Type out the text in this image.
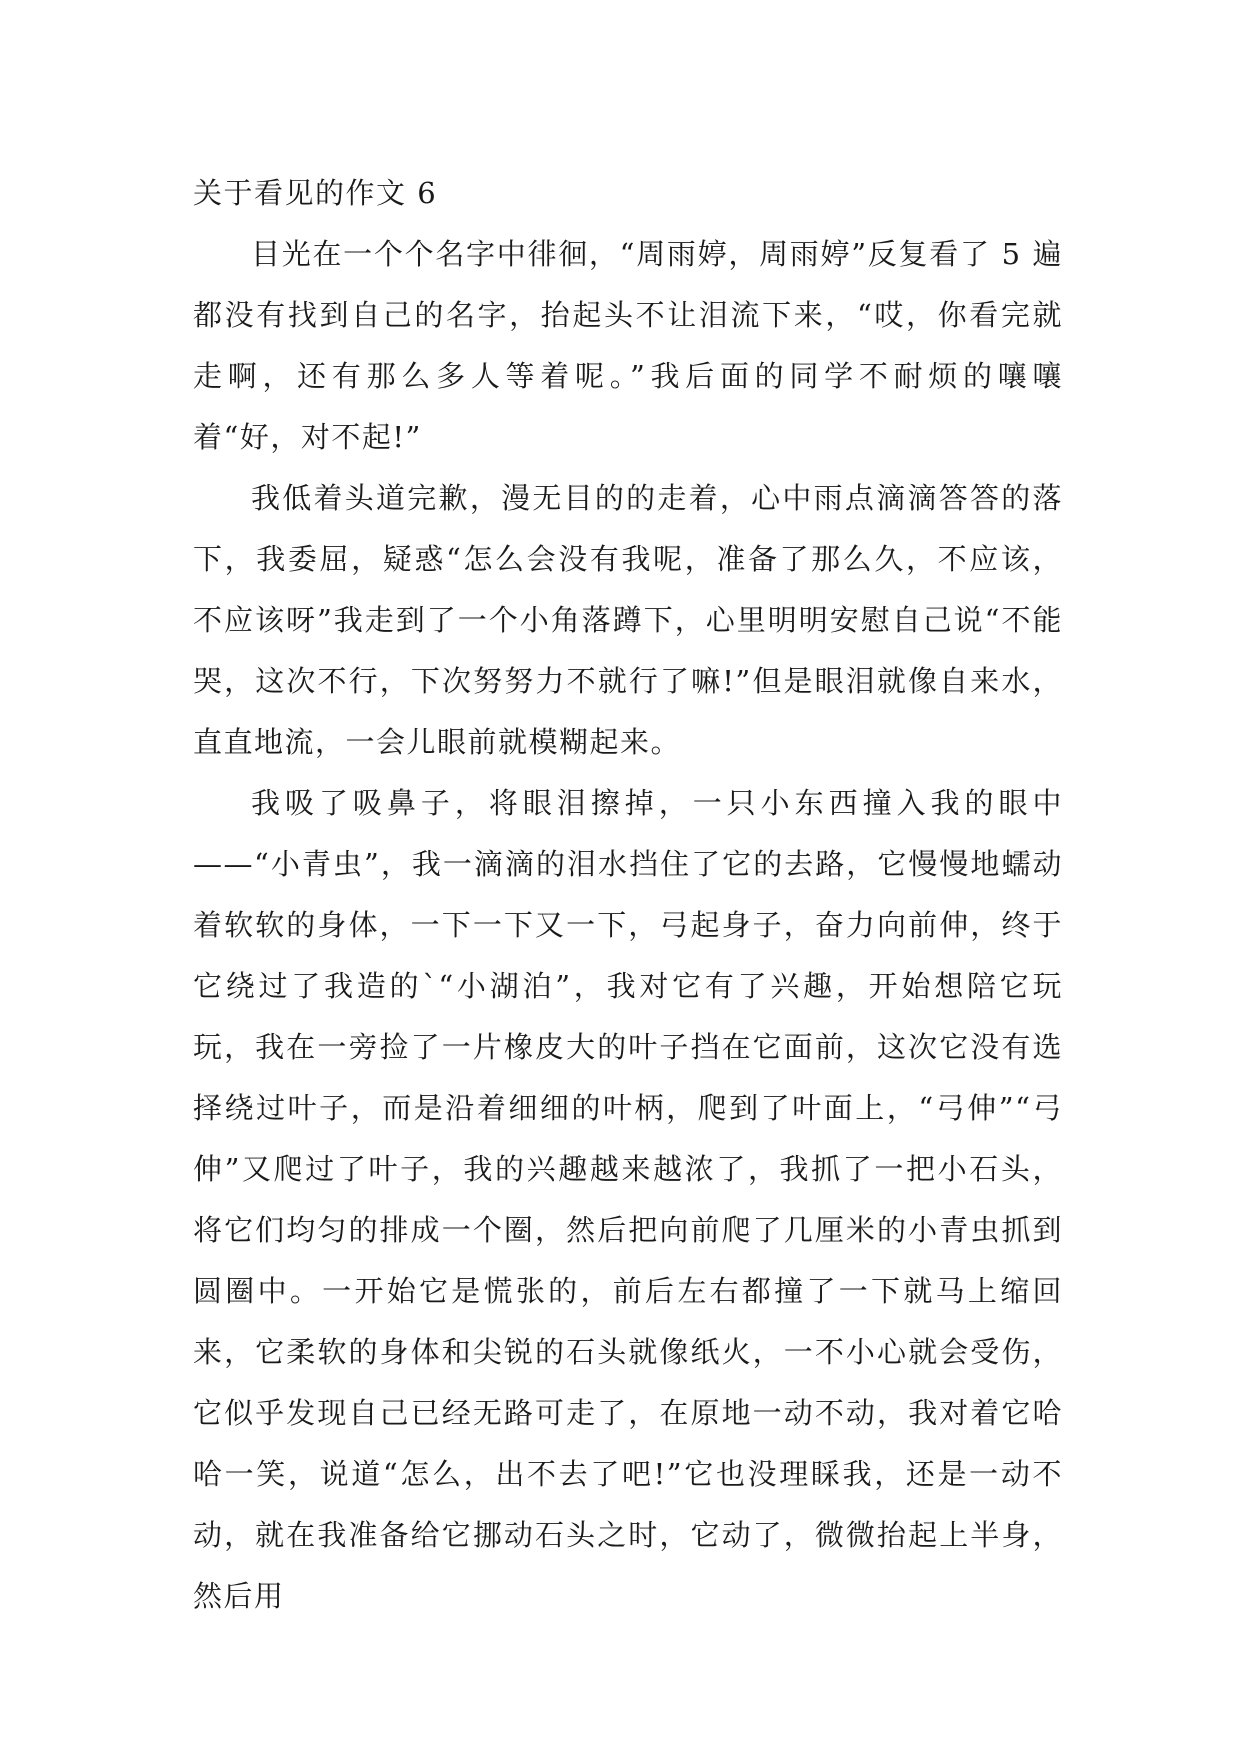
关于看见的作文 6

目光在一个个名字中徘徊，“周雨婷，周雨婷”反复看了 5 遍都没有找到自己的名字，抬起头不让泪流下来，“哎，你看完就走啊，还有那么多人等着呢。”我后面的同学不耐烦的嚷嚷着“好，对不起!”

我低着头道完歉，漫无目的的走着，心中雨点滴滴答答的落下，我委屈，疑惑“怎么会没有我呢，准备了那么久，不应该，不应该呀”我走到了一个小角落蹲下，心里明明安慰自己说“不能哭，这次不行，下次努努力不就行了嘛!”但是眼泪就像自来水，直直地流，一会儿眼前就模糊起来。

我吸了吸鼻子，将眼泪擦掉，一只小东西撞入我的眼中——“小青虫”，我一滴滴的泪水挡住了它的去路，它慢慢地蠕动着软软的身体，一下一下又一下，弓起身子，奋力向前伸，终于它绕过了我造的`“小湖泊”，我对它有了兴趣，开始想陪它玩玩，我在一旁捡了一片橡皮大的叶子挡在它面前，这次它没有选择绕过叶子，而是沿着细细的叶柄，爬到了叶面上，“弓伸”“弓伸”又爬过了叶子，我的兴趣越来越浓了，我抓了一把小石头，将它们均匀的排成一个圈，然后把向前爬了几厘米的小青虫抓到圆圈中。一开始它是慌张的，前后左右都撞了一下就马上缩回来，它柔软的身体和尖锐的石头就像纸火，一不小心就会受伤，它似乎发现自己已经无路可走了，在原地一动不动，我对着它哈哈一笑，说道“怎么，出不去了吧!”它也没理睬我，还是一动不动，就在我准备给它挪动石头之时，它动了，微微抬起上半身，然后用
